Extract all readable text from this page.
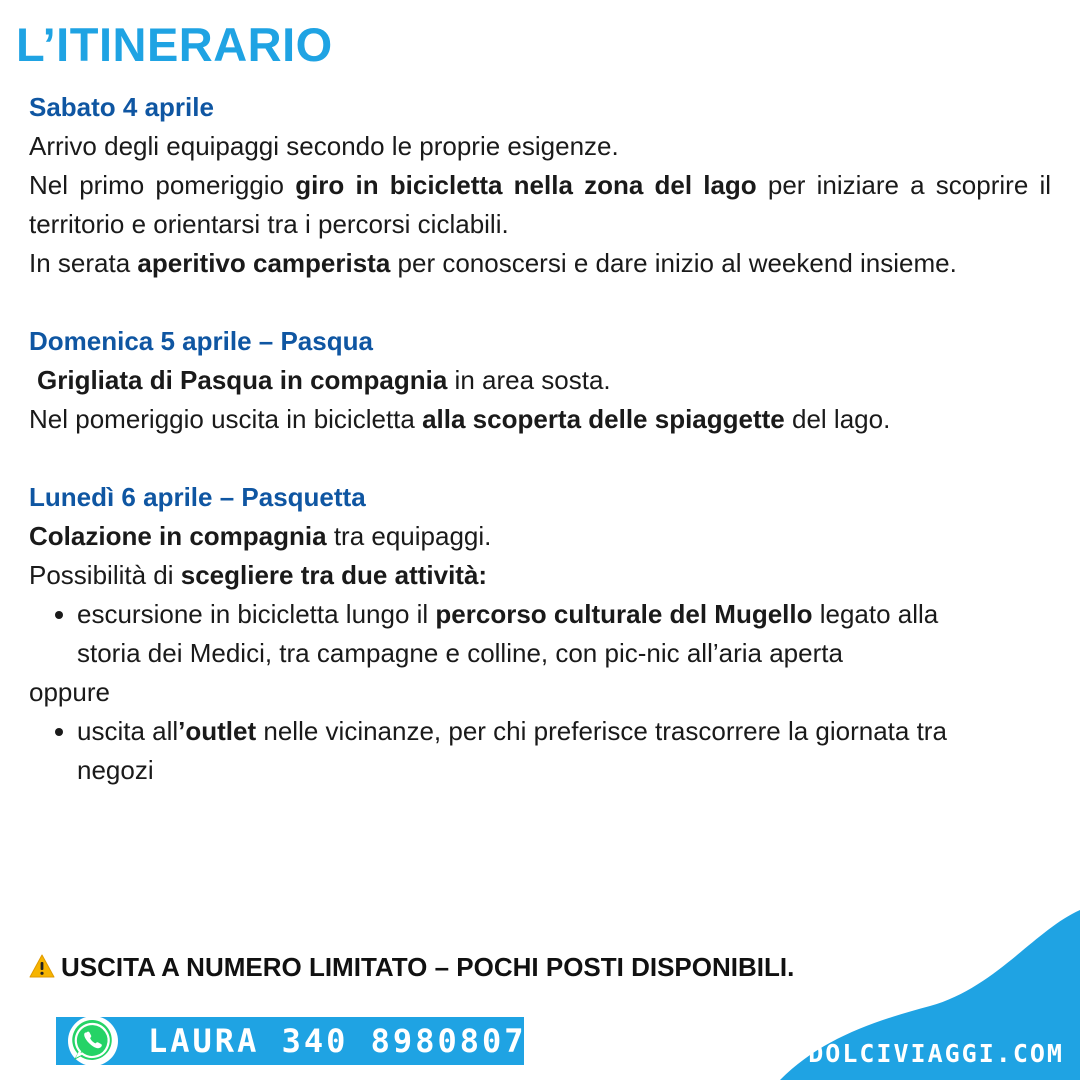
L’ITINERARIO
Sabato 4 aprile
Arrivo degli equipaggi secondo le proprie esigenze.
Nel primo pomeriggio giro in bicicletta nella zona del lago per iniziare a scoprire il territorio e orientarsi tra i percorsi ciclabili.
In serata aperitivo camperista per conoscersi e dare inizio al weekend insieme.
Domenica 5 aprile – Pasqua
Grigliata di Pasqua in compagnia in area sosta.
Nel pomeriggio uscita in bicicletta alla scoperta delle spiaggette del lago.
Lunedì 6 aprile – Pasquetta
Colazione in compagnia tra equipaggi.
Possibilità di scegliere tra due attività:
escursione in bicicletta lungo il percorso culturale del Mugello legato alla storia dei Medici, tra campagne e colline, con pic-nic all’aria aperta
oppure
uscita all’outlet nelle vicinanze, per chi preferisce trascorrere la giornata tra negozi
USCITA A NUMERO LIMITATO – POCHI POSTI DISPONIBILI.
LAURA 340 8980807	DOLCIVIAGGI.COM
